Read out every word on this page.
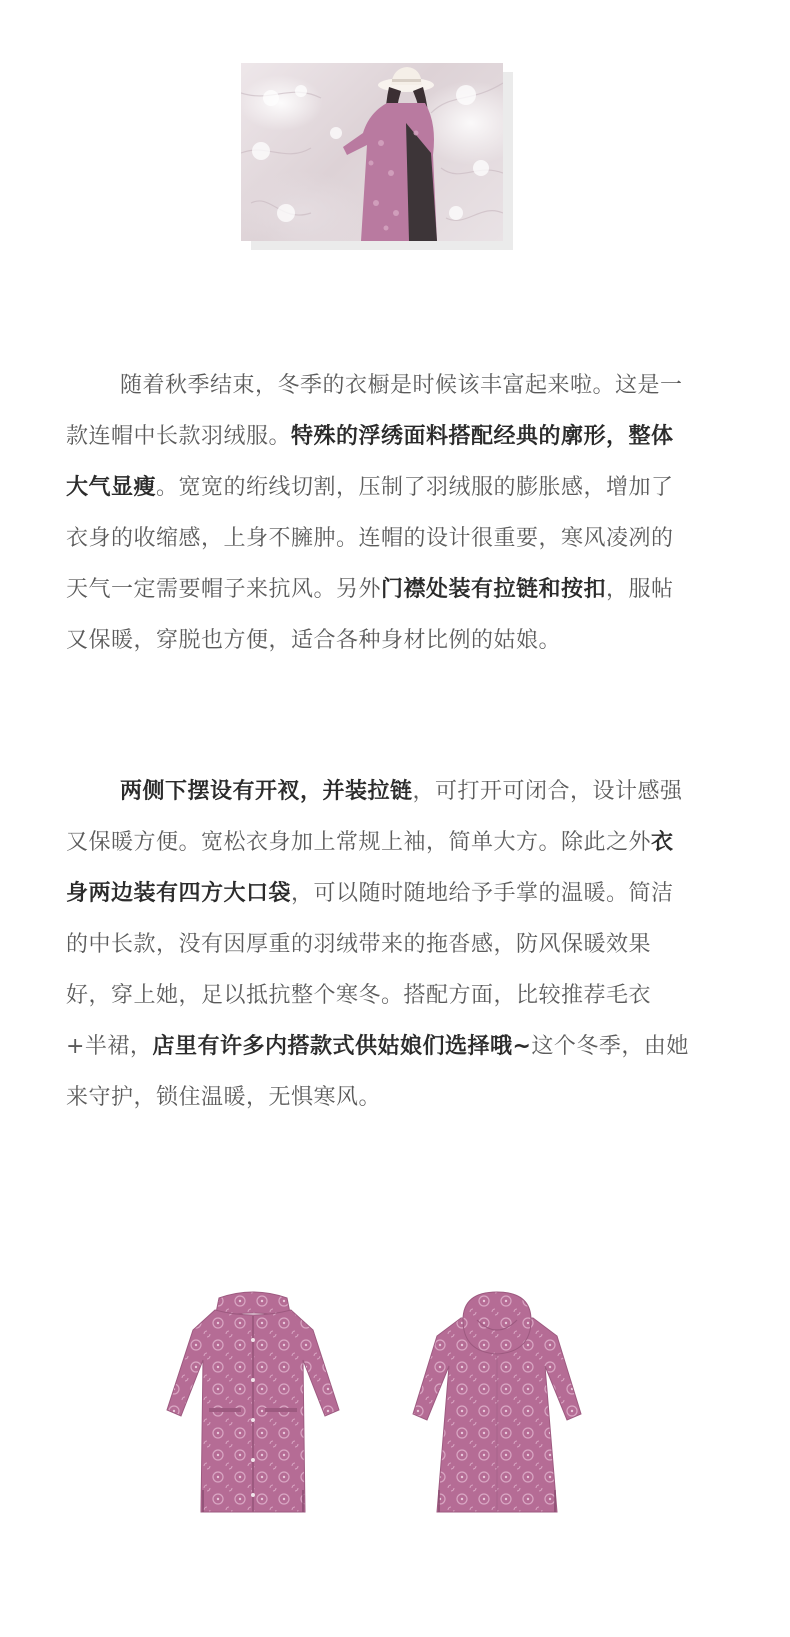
随着秋季结束，冬季的衣橱是时候该丰富起来啦。这是一款连帽中长款羽绒服。特殊的浮绣面料搭配经典的廓形，整体大气显瘦。宽宽的绗线切割，压制了羽绒服的膨胀感，增加了衣身的收缩感，上身不臃肿。连帽的设计很重要，寒风凌冽的天气一定需要帽子来抗风。另外门襟处装有拉链和按扣，服帖又保暖，穿脱也方便，适合各种身材比例的姑娘。

两侧下摆设有开衩，并装拉链，可打开可闭合，设计感强又保暖方便。宽松衣身加上常规上袖，简单大方。除此之外衣身两边装有四方大口袋，可以随时随地给予手掌的温暖。简洁的中长款，没有因厚重的羽绒带来的拖沓感，防风保暖效果好，穿上她，足以抵抗整个寒冬。搭配方面，比较推荐毛衣+半裙，店里有许多内搭款式供姑娘们选择哦~这个冬季，由她来守护，锁住温暖，无惧寒风。
